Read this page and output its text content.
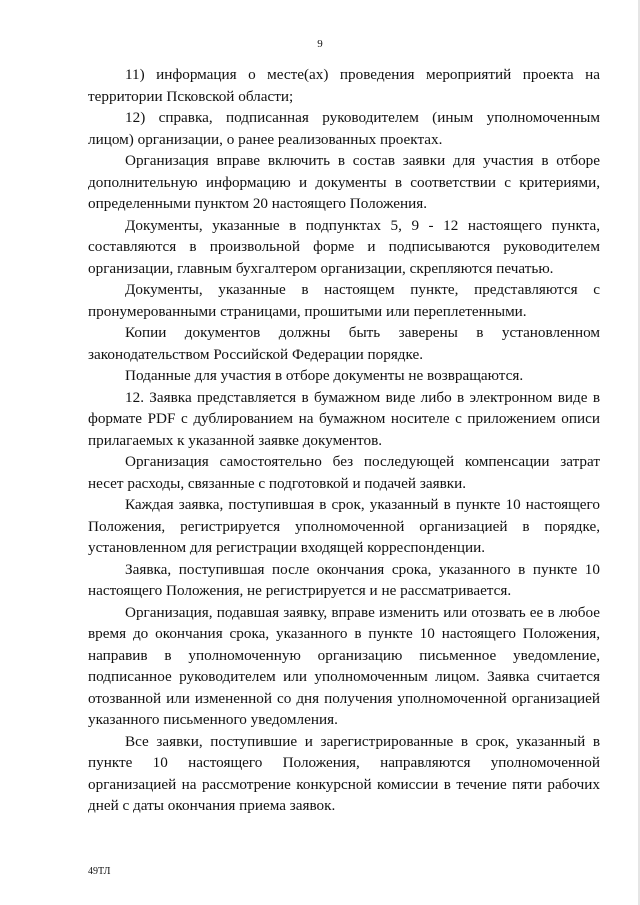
9

11) информация о месте(ах) проведения мероприятий проекта на территории Псковской области;

12) справка, подписанная руководителем (иным уполномоченным лицом) организации, о ранее реализованных проектах.

Организация вправе включить в состав заявки для участия в отборе дополнительную информацию и документы в соответствии с критериями, определенными пунктом 20 настоящего Положения.

Документы, указанные в подпунктах 5, 9 - 12 настоящего пункта, составляются в произвольной форме и подписываются руководителем организации, главным бухгалтером организации, скрепляются печатью.

Документы, указанные в настоящем пункте, представляются с пронумерованными страницами, прошитыми или переплетенными.

Копии документов должны быть заверены в установленном законодательством Российской Федерации порядке.

Поданные для участия в отборе документы не возвращаются.

12. Заявка представляется в бумажном виде либо в электронном виде в формате PDF с дублированием на бумажном носителе с приложением описи прилагаемых к указанной заявке документов.

Организация самостоятельно без последующей компенсации затрат несет расходы, связанные с подготовкой и подачей заявки.

Каждая заявка, поступившая в срок, указанный в пункте 10 настоящего Положения, регистрируется уполномоченной организацией в порядке, установленном для регистрации входящей корреспонденции.

Заявка, поступившая после окончания срока, указанного в пункте 10 настоящего Положения, не регистрируется и не рассматривается.

Организация, подавшая заявку, вправе изменить или отозвать ее в любое время до окончания срока, указанного в пункте 10 настоящего Положения, направив в уполномоченную организацию письменное уведомление, подписанное руководителем или уполномоченным лицом. Заявка считается отозванной или измененной со дня получения уполномоченной организацией указанного письменного уведомления.

Все заявки, поступившие и зарегистрированные в срок, указанный в пункте 10 настоящего Положения, направляются уполномоченной организацией на рассмотрение конкурсной комиссии в течение пяти рабочих дней с даты окончания приема заявок.

49ТЛ
